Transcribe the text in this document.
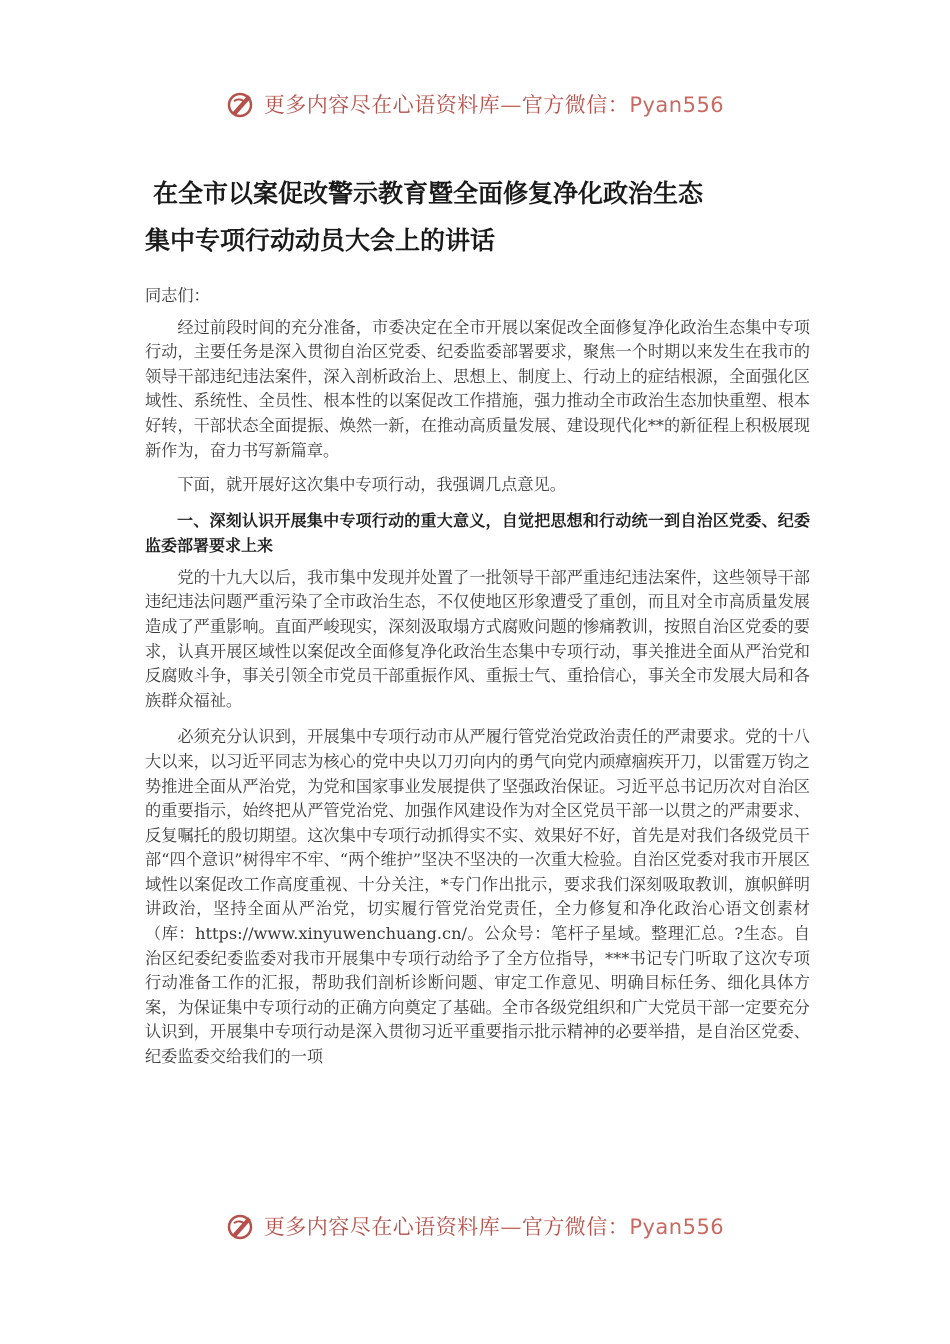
更多内容尽在心语资料库—官方微信：Pyan556
在全市以案促改警示教育暨全面修复净化政治生态
集中专项行动动员大会上的讲话

同志们：

经过前段时间的充分准备，市委决定在全市开展以案促改全面修复净化政治生态集中专项行动，主要任务是深入贯彻自治区党委、纪委监委部署要求，聚焦一个时期以来发生在我市的领导干部违纪违法案件，深入剖析政治上、思想上、制度上、行动上的症结根源，全面强化区域性、系统性、全员性、根本性的以案促改工作措施，强力推动全市政治生态加快重塑、根本好转，干部状态全面提振、焕然一新，在推动高质量发展、建设现代化**的新征程上积极展现新作为，奋力书写新篇章。

下面，就开展好这次集中专项行动，我强调几点意见。

一、深刻认识开展集中专项行动的重大意义，自觉把思想和行动统一到自治区党委、纪委监委部署要求上来

党的十九大以后，我市集中发现并处置了一批领导干部严重违纪违法案件，这些领导干部违纪违法问题严重污染了全市政治生态，不仅使地区形象遭受了重创，而且对全市高质量发展造成了严重影响。直面严峻现实，深刻汲取塌方式腐败问题的惨痛教训，按照自治区党委的要求，认真开展区域性以案促改全面修复净化政治生态集中专项行动，事关推进全面从严治党和反腐败斗争，事关引领全市党员干部重振作风、重振士气、重拾信心，事关全市发展大局和各族群众福祉。

必须充分认识到，开展集中专项行动市从严履行管党治党政治责任的严肃要求。党的十八大以来，以习近平同志为核心的党中央以刀刃向内的勇气向党内顽瘴痼疾开刀，以雷霆万钧之势推进全面从严治党，为党和国家事业发展提供了坚强政治保证。习近平总书记历次对自治区的重要指示，始终把从严管党治党、加强作风建设作为对全区党员干部一以贯之的严肃要求、反复嘱托的殷切期望。这次集中专项行动抓得实不实、效果好不好，首先是对我们各级党员干部“四个意识”树得牢不牢、“两个维护”坚决不坚决的一次重大检验。自治区党委对我市开展区域性以案促改工作高度重视、十分关注，*专门作出批示，要求我们深刻吸取教训，旗帜鲜明讲政治，坚持全面从严治党，切实履行管党治党责任，全力修复和净化政治心语文创素材（库：https://www.xinyuwenchuang.cn/。公众号：笔杆子星域。整理汇总。?生态。自治区纪委纪委监委对我市开展集中专项行动给予了全方位指导，***书记专门听取了这次专项行动准备工作的汇报，帮助我们剖析诊断问题、审定工作意见、明确目标任务、细化具体方案，为保证集中专项行动的正确方向奠定了基础。全市各级党组织和广大党员干部一定要充分认识到，开展集中专项行动是深入贯彻习近平重要指示批示精神的必要举措，是自治区党委、纪委监委交给我们的一项

更多内容尽在心语资料库—官方微信：Pyan556
